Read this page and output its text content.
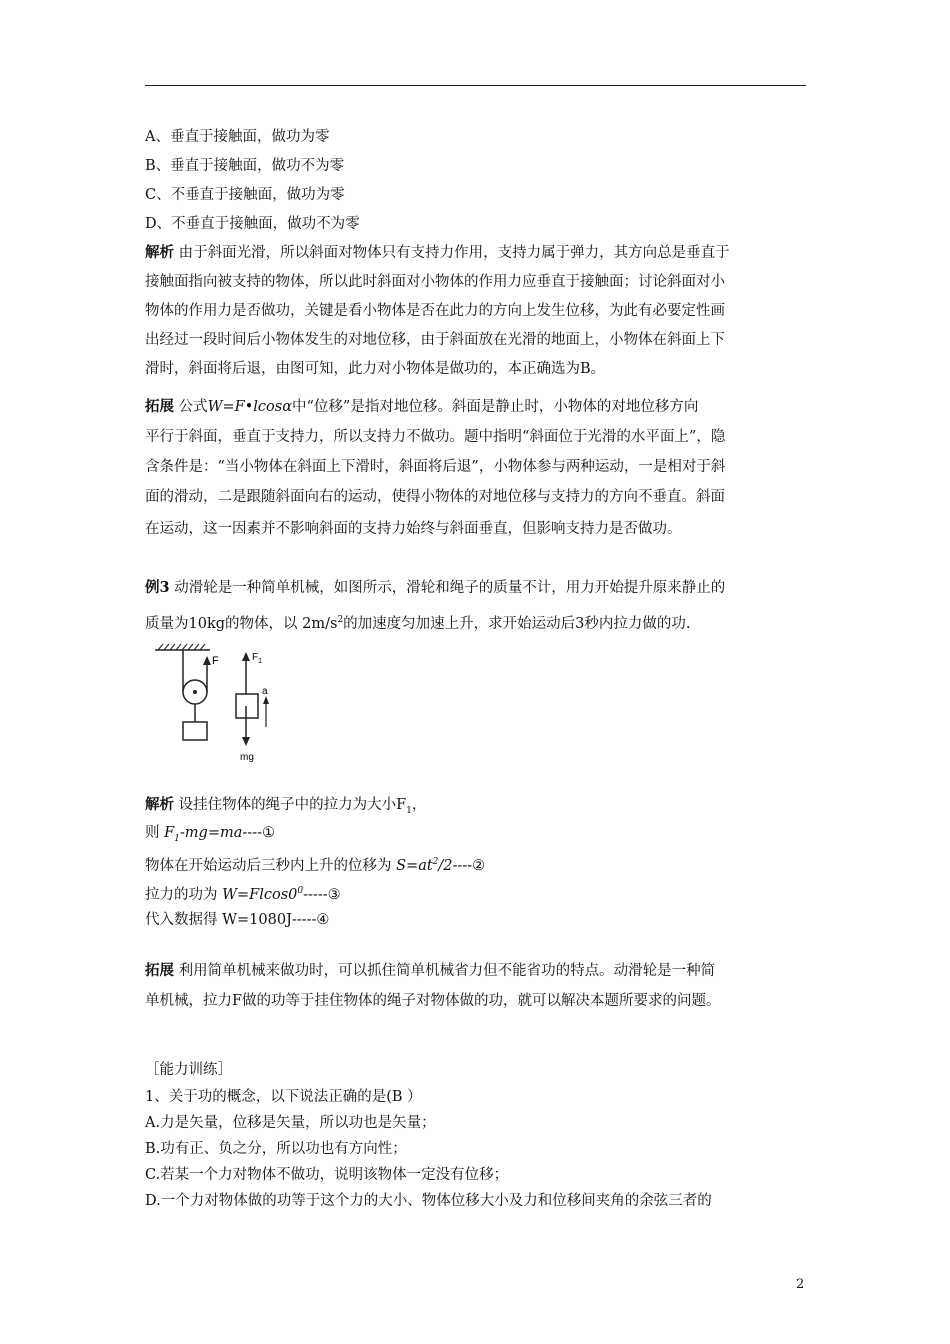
A、垂直于接触面，做功为零
B、垂直于接触面，做功不为零
C、不垂直于接触面，做功为零
D、不垂直于接触面，做功不为零
解析 由于斜面光滑，所以斜面对物体只有支持力作用，支持力属于弹力，其方向总是垂直于
接触面指向被支持的物体，所以此时斜面对小物体的作用力应垂直于接触面；讨论斜面对小
物体的作用力是否做功，关键是看小物体是否在此力的方向上发生位移，为此有必要定性画
出经过一段时间后小物体发生的对地位移，由于斜面放在光滑的地面上，小物体在斜面上下
滑时，斜面将后退，由图可知，此力对小物体是做功的，本正确选为B。
拓展 公式W=F•lcosα中“位移”是指对地位移。斜面是静止时，小物体的对地位移方向
平行于斜面，垂直于支持力，所以支持力不做功。题中指明“斜面位于光滑的水平面上”，隐
含条件是：“当小物体在斜面上下滑时，斜面将后退”，小物体参与两种运动，一是相对于斜
面的滑动，二是跟随斜面向右的运动，使得小物体的对地位移与支持力的方向不垂直。斜面
在运动，这一因素并不影响斜面的支持力始终与斜面垂直，但影响支持力是否做功。
例3 动滑轮是一种简单机械，如图所示，滑轮和绳子的质量不计，用力开始提升原来静止的
质量为10kg的物体，以 $2m/s^2$的加速度匀加速上升，求开始运动后3秒内拉力做的功.
F	$F_1$
mg
a
解析 设挂住物体的绳子中的拉力为大小$F_1$，
则 $F_1-mg=ma----①$
物体在开始运动后三秒内上升的位移为 $S=at^2/2----②$
拉力的功为 $W=Flcos0^0-----③$
代入数据得 W=1080J-----④
拓展 利用简单机械来做功时，可以抓住简单机械省力但不能省功的特点。动滑轮是一种简
单机械，拉力F做的功等于挂住物体的绳子对物体做的功，就可以解决本题所要求的问题。
［能力训练］
1、关于功的概念，以下说法正确的是(B ）
A.力是矢量，位移是矢量，所以功也是矢量；
B.功有正、负之分，所以功也有方向性；
C.若某一个力对物体不做功，说明该物体一定没有位移；
D.一个力对物体做的功等于这个力的大小、物体位移大小及力和位移间夹角的余弦三者的
2
